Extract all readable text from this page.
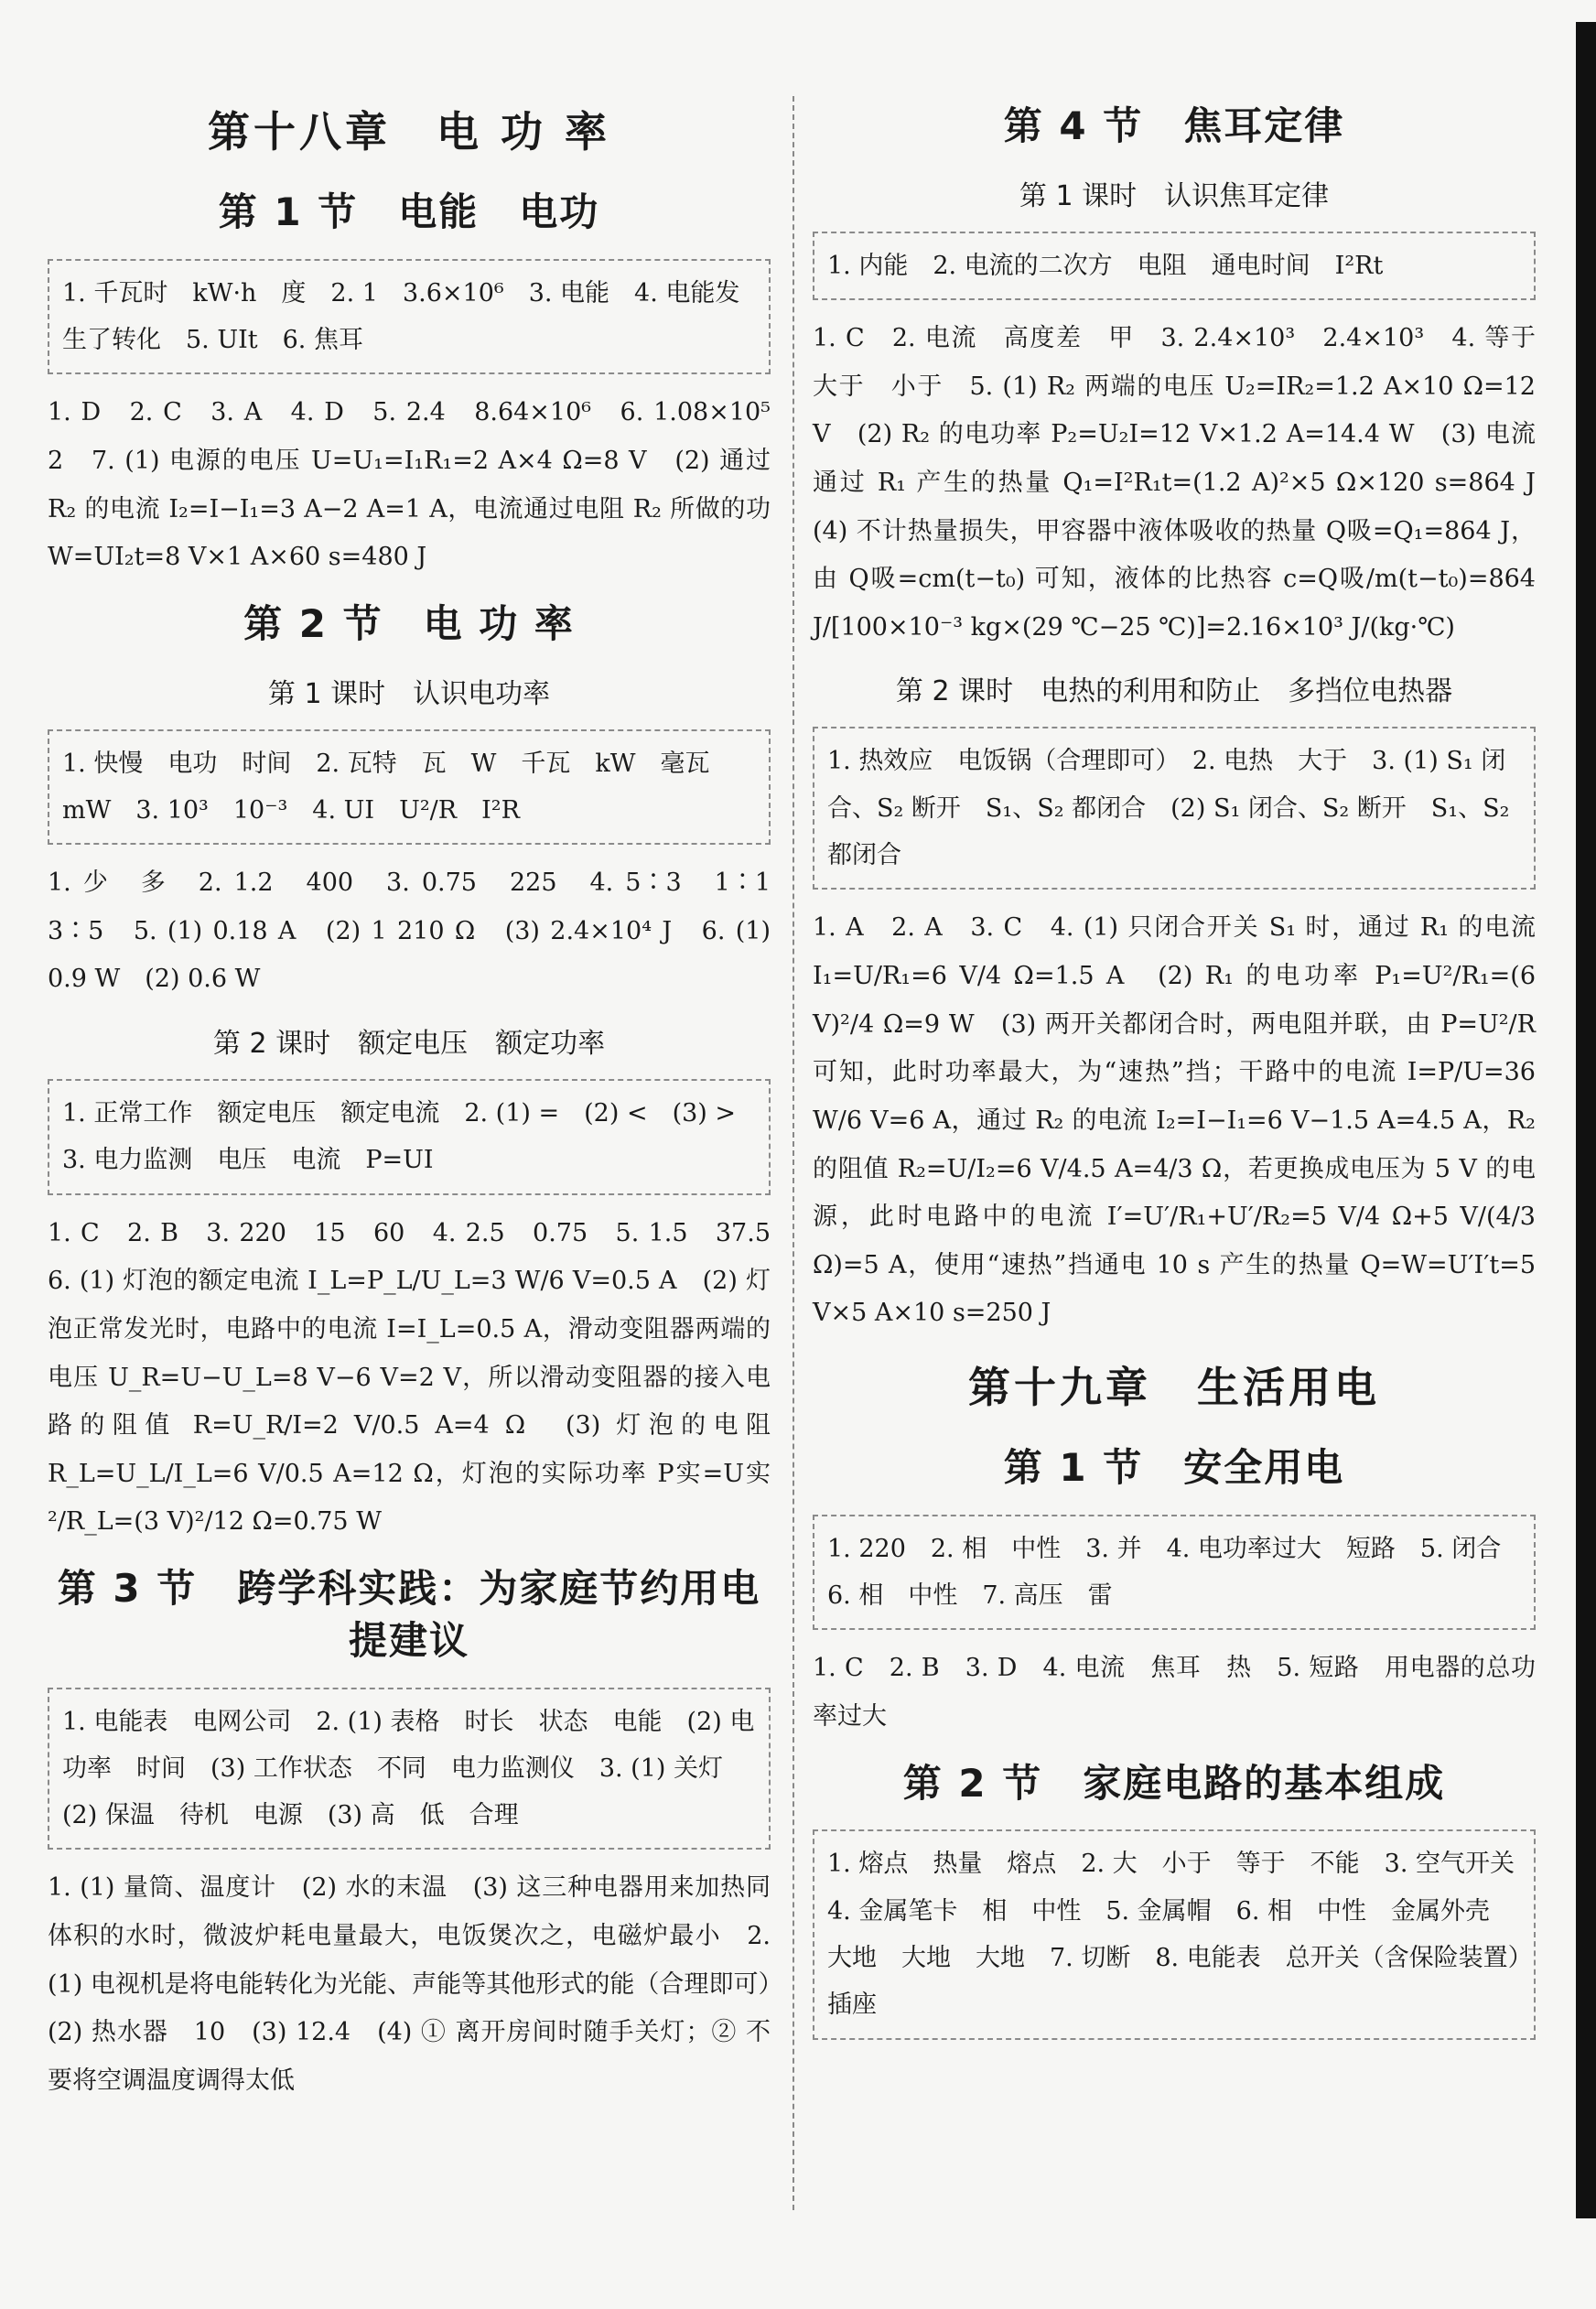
第十八章　电 功 率
第 1 节　电能　电功
1. 千瓦时　kW·h　度　2. 1　3.6×10⁶　3. 电能　4. 电能发生了转化　5. UIt　6. 焦耳
1. D　2. C　3. A　4. D　5. 2.4　8.64×10⁶　6. 1.08×10⁵　2　7. (1) 电源的电压 U=U₁=I₁R₁=2 A×4 Ω=8 V　(2) 通过 R₂ 的电流 I₂=I−I₁=3 A−2 A=1 A，电流通过电阻 R₂ 所做的功 W=UI₂t=8 V×1 A×60 s=480 J
第 2 节　电 功 率
第 1 课时　认识电功率
1. 快慢　电功　时间　2. 瓦特　瓦　W　千瓦　kW　毫瓦　mW　3. 10³　10⁻³　4. UI　U²/R　I²R
1. 少　多　2. 1.2　400　3. 0.75　225　4. 5∶3　1∶1　3∶5　5. (1) 0.18 A　(2) 1 210 Ω　(3) 2.4×10⁴ J　6. (1) 0.9 W　(2) 0.6 W
第 2 课时　额定电压　额定功率
1. 正常工作　额定电压　额定电流　2. (1) =　(2) <　(3) >　3. 电力监测　电压　电流　P=UI
1. C　2. B　3. 220　15　60　4. 2.5　0.75　5. 1.5　37.5　6. (1) 灯泡的额定电流 I_L=P_L/U_L=3 W/6 V=0.5 A　(2) 灯泡正常发光时，电路中的电流 I=I_L=0.5 A，滑动变阻器两端的电压 U_R=U−U_L=8 V−6 V=2 V，所以滑动变阻器的接入电路的阻值 R=U_R/I=2 V/0.5 A=4 Ω　(3) 灯泡的电阻 R_L=U_L/I_L=6 V/0.5 A=12 Ω，灯泡的实际功率 P实=U实²/R_L=(3 V)²/12 Ω=0.75 W
第 3 节　跨学科实践：为家庭节约用电提建议
1. 电能表　电网公司　2. (1) 表格　时长　状态　电能　(2) 电功率　时间　(3) 工作状态　不同　电力监测仪　3. (1) 关灯　(2) 保温　待机　电源　(3) 高　低　合理
1. (1) 量筒、温度计　(2) 水的末温　(3) 这三种电器用来加热同体积的水时，微波炉耗电量最大，电饭煲次之，电磁炉最小　2. (1) 电视机是将电能转化为光能、声能等其他形式的能（合理即可）　(2) 热水器　10　(3) 12.4　(4) ① 离开房间时随手关灯；② 不要将空调温度调得太低
第 4 节　焦耳定律
第 1 课时　认识焦耳定律
1. 内能　2. 电流的二次方　电阻　通电时间　I²Rt
1. C　2. 电流　高度差　甲　3. 2.4×10³　2.4×10³　4. 等于　大于　小于　5. (1) R₂ 两端的电压 U₂=IR₂=1.2 A×10 Ω=12 V　(2) R₂ 的电功率 P₂=U₂I=12 V×1.2 A=14.4 W　(3) 电流通过 R₁ 产生的热量 Q₁=I²R₁t=(1.2 A)²×5 Ω×120 s=864 J　(4) 不计热量损失，甲容器中液体吸收的热量 Q吸=Q₁=864 J，由 Q吸=cm(t−t₀) 可知，液体的比热容 c=Q吸/m(t−t₀)=864 J/[100×10⁻³ kg×(29 ℃−25 ℃)]=2.16×10³ J/(kg·℃)
第 2 课时　电热的利用和防止　多挡位电热器
1. 热效应　电饭锅（合理即可）　2. 电热　大于　3. (1) S₁ 闭合、S₂ 断开　S₁、S₂ 都闭合　(2) S₁ 闭合、S₂ 断开　S₁、S₂ 都闭合
1. A　2. A　3. C　4. (1) 只闭合开关 S₁ 时，通过 R₁ 的电流 I₁=U/R₁=6 V/4 Ω=1.5 A　(2) R₁ 的电功率 P₁=U²/R₁=(6 V)²/4 Ω=9 W　(3) 两开关都闭合时，两电阻并联，由 P=U²/R 可知，此时功率最大，为“速热”挡；干路中的电流 I=P/U=36 W/6 V=6 A，通过 R₂ 的电流 I₂=I−I₁=6 V−1.5 A=4.5 A，R₂ 的阻值 R₂=U/I₂=6 V/4.5 A=4/3 Ω，若更换成电压为 5 V 的电源，此时电路中的电流 I′=U′/R₁+U′/R₂=5 V/4 Ω+5 V/(4/3 Ω)=5 A，使用“速热”挡通电 10 s 产生的热量 Q=W=U′I′t=5 V×5 A×10 s=250 J
第十九章　生活用电
第 1 节　安全用电
1. 220　2. 相　中性　3. 并　4. 电功率过大　短路　5. 闭合　6. 相　中性　7. 高压　雷
1. C　2. B　3. D　4. 电流　焦耳　热　5. 短路　用电器的总功率过大
第 2 节　家庭电路的基本组成
1. 熔点　热量　熔点　2. 大　小于　等于　不能　3. 空气开关　4. 金属笔卡　相　中性　5. 金属帽　6. 相　中性　金属外壳　大地　大地　大地　7. 切断　8. 电能表　总开关（含保险装置）　插座
